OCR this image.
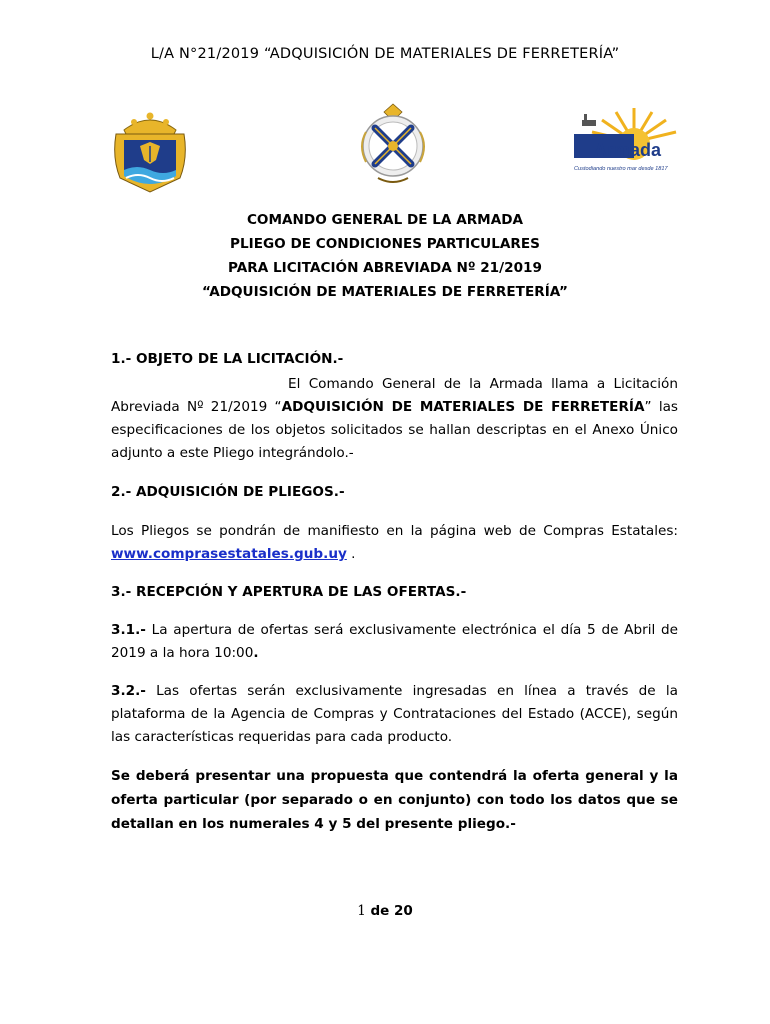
L/A N°21/2019 “ADQUISICIÓN DE MATERIALES DE FERRETERÍA”
Armada
Custodiando nuestro mar desde 1817
COMANDO GENERAL DE LA ARMADA
PLIEGO DE CONDICIONES PARTICULARES
PARA LICITACIÓN ABREVIADA Nº 21/2019
“ADQUISICIÓN DE MATERIALES DE FERRETERÍA”

1.- OBJETO DE LA LICITACIÓN.-

El Comando General de la Armada llama a Licitación Abreviada Nº 21/2019 “ADQUISICIÓN DE MATERIALES DE FERRETERÍA” las especificaciones de los objetos solicitados se hallan descriptas en el Anexo Único adjunto a este Pliego integrándolo.-

2.- ADQUISICIÓN DE PLIEGOS.-

Los Pliegos se pondrán de manifiesto en la página web de Compras Estatales: www.comprasestatales.gub.uy .

3.- RECEPCIÓN Y APERTURA DE LAS OFERTAS.-

3.1.- La apertura de ofertas será exclusivamente electrónica el día 5 de Abril de 2019 a la hora 10:00.

3.2.- Las ofertas serán exclusivamente ingresadas en línea a través de la plataforma de la Agencia de Compras y Contrataciones del Estado (ACCE), según las características requeridas para cada producto.

Se deberá presentar una propuesta que contendrá la oferta general y la oferta particular (por separado o en conjunto) con todo los datos que se detallan en los numerales 4 y 5 del presente pliego.-

1 de 20
